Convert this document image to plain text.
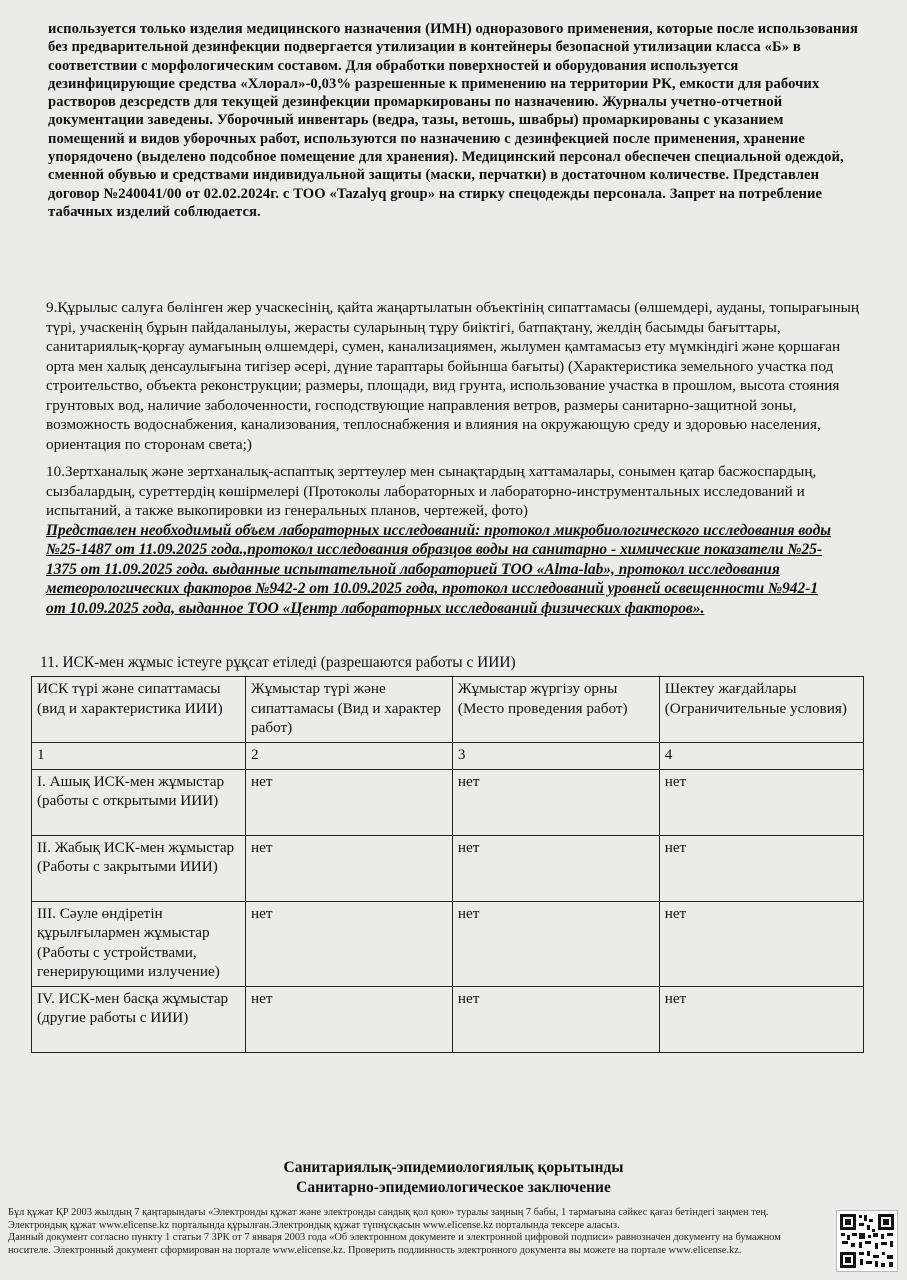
используется только изделия медицинского назначения (ИМН) одноразового применения, которые после использования без предварительной дезинфекции подвергается утилизации в контейнеры безопасной утилизации класса «Б» в соответствии с морфологическим составом. Для обработки поверхностей и оборудования используется дезинфицирующие средства «Хлорал»-0,03% разрешенные к применению на территории РК, емкости для рабочих растворов дезсредств для текущей дезинфекции промаркированы по назначению. Журналы учетно-отчетной документации заведены. Уборочный инвентарь (ведра, тазы, ветошь, швабры) промаркированы с указанием помещений и видов уборочных работ, используются по назначению с дезинфекцией после применения, хранение упорядочено (выделено подсобное помещение для хранения). Медицинский персонал обеспечен специальной одеждой, сменной обувью и средствами индивидуальной защиты (маски, перчатки) в достаточном количестве. Представлен договор №240041/00 от 02.02.2024г. с ТОО «Tazalyq group» на стирку спецодежды персонала. Запрет на потребление табачных изделий соблюдается.
9.Құрылыс салуға бөлінген жер учаскесінің, қайта жаңартылатын объектінің сипаттамасы (өлшемдері, ауданы, топырағының түрі, учаскенің бұрын пайдаланылуы, жерасты суларының тұру биіктігі, батпақтану, желдің басымды бағыттары, санитариялық-қорғау аумағының өлшемдері, сумен, канализациямен, жылумен қамтамасыз ету мүмкіндігі және қоршаған орта мен халық денсаулығына тигізер әсері, дүние тараптары бойынша бағыты) (Характеристика земельного участка под строительство, объекта реконструкции; размеры, площади, вид грунта, использование участка в прошлом, высота стояния грунтовых вод, наличие заболоченности, господствующие направления ветров, размеры санитарно-защитной зоны, возможность водоснабжения, канализования, теплоснабжения и влияния на окружающую среду и здоровью населения, ориентация по сторонам света;)
10.Зертханалық және зертханалық-аспаптық зерттеулер мен сынақтардың хаттамалары, сонымен қатар басжоспардың, сызбалардың, суреттердің көшірмелері (Протоколы лабораторных и лабораторно-инструментальных исследований и испытаний, а также выкопировки из генеральных планов, чертежей, фото)
Представлен необходимый объем лабораторных исследований: протокол микробиологического исследования воды №25-1487 от 11.09.2025 года.,протокол исследования образцов воды на санитарно - химические показатели №25-1375 от 11.09.2025 года. выданные испытательной лабораторией ТОО «Alma-lab», протокол исследования метеорологических факторов №942-2 от 10.09.2025 года, протокол исследований уровней освещенности №942-1 от 10.09.2025 года, выданное ТОО «Центр лабораторных исследований физических факторов».
11. ИСК-мен жұмыс істеуге рұқсат етіледі (разрешаются работы с ИИИ)
ИСК түрі және сипаттамасы (вид и характеристика ИИИ)	Жұмыстар түрі және сипаттамасы (Вид и характер работ)	Жұмыстар жүргізу орны (Место проведения работ)	Шектеу жағдайлары (Ограничительные условия)
1	2	3	4
I. Ашық ИСК-мен жұмыстар (работы с открытыми ИИИ)	нет	нет	нет
II. Жабық ИСК-мен жұмыстар (Работы с закрытыми ИИИ)	нет	нет	нет
III. Сәуле өндіретін құрылғылармен жұмыстар (Работы с устройствами, генерирующими излучение)	нет	нет	нет
IV. ИСК-мен басқа жұмыстар (другие работы с ИИИ)	нет	нет	нет
Санитариялық-эпидемиологиялық қорытынды
Санитарно-эпидемиологическое заключение
Бұл құжат ҚР 2003 жылдың 7 қаңтарындағы «Электронды құжат және электронды сандық қол қою» туралы заңның 7 бабы, 1 тармағына сәйкес қағаз бетіндегі заңмен тең. Электрондық құжат www.elicense.kz порталында құрылған.Электрондық құжат түпнұсқасын www.elicense.kz порталында тексере аласыз.
Данный документ согласно пункту 1 статьи 7 ЗРК от 7 января 2003 года «Об электронном документе и электронной цифровой подписи» равнозначен документу на бумажном носителе. Электронный документ сформирован на портале www.elicense.kz. Проверить подлинность электронного документа вы можете на портале www.elicense.kz.
